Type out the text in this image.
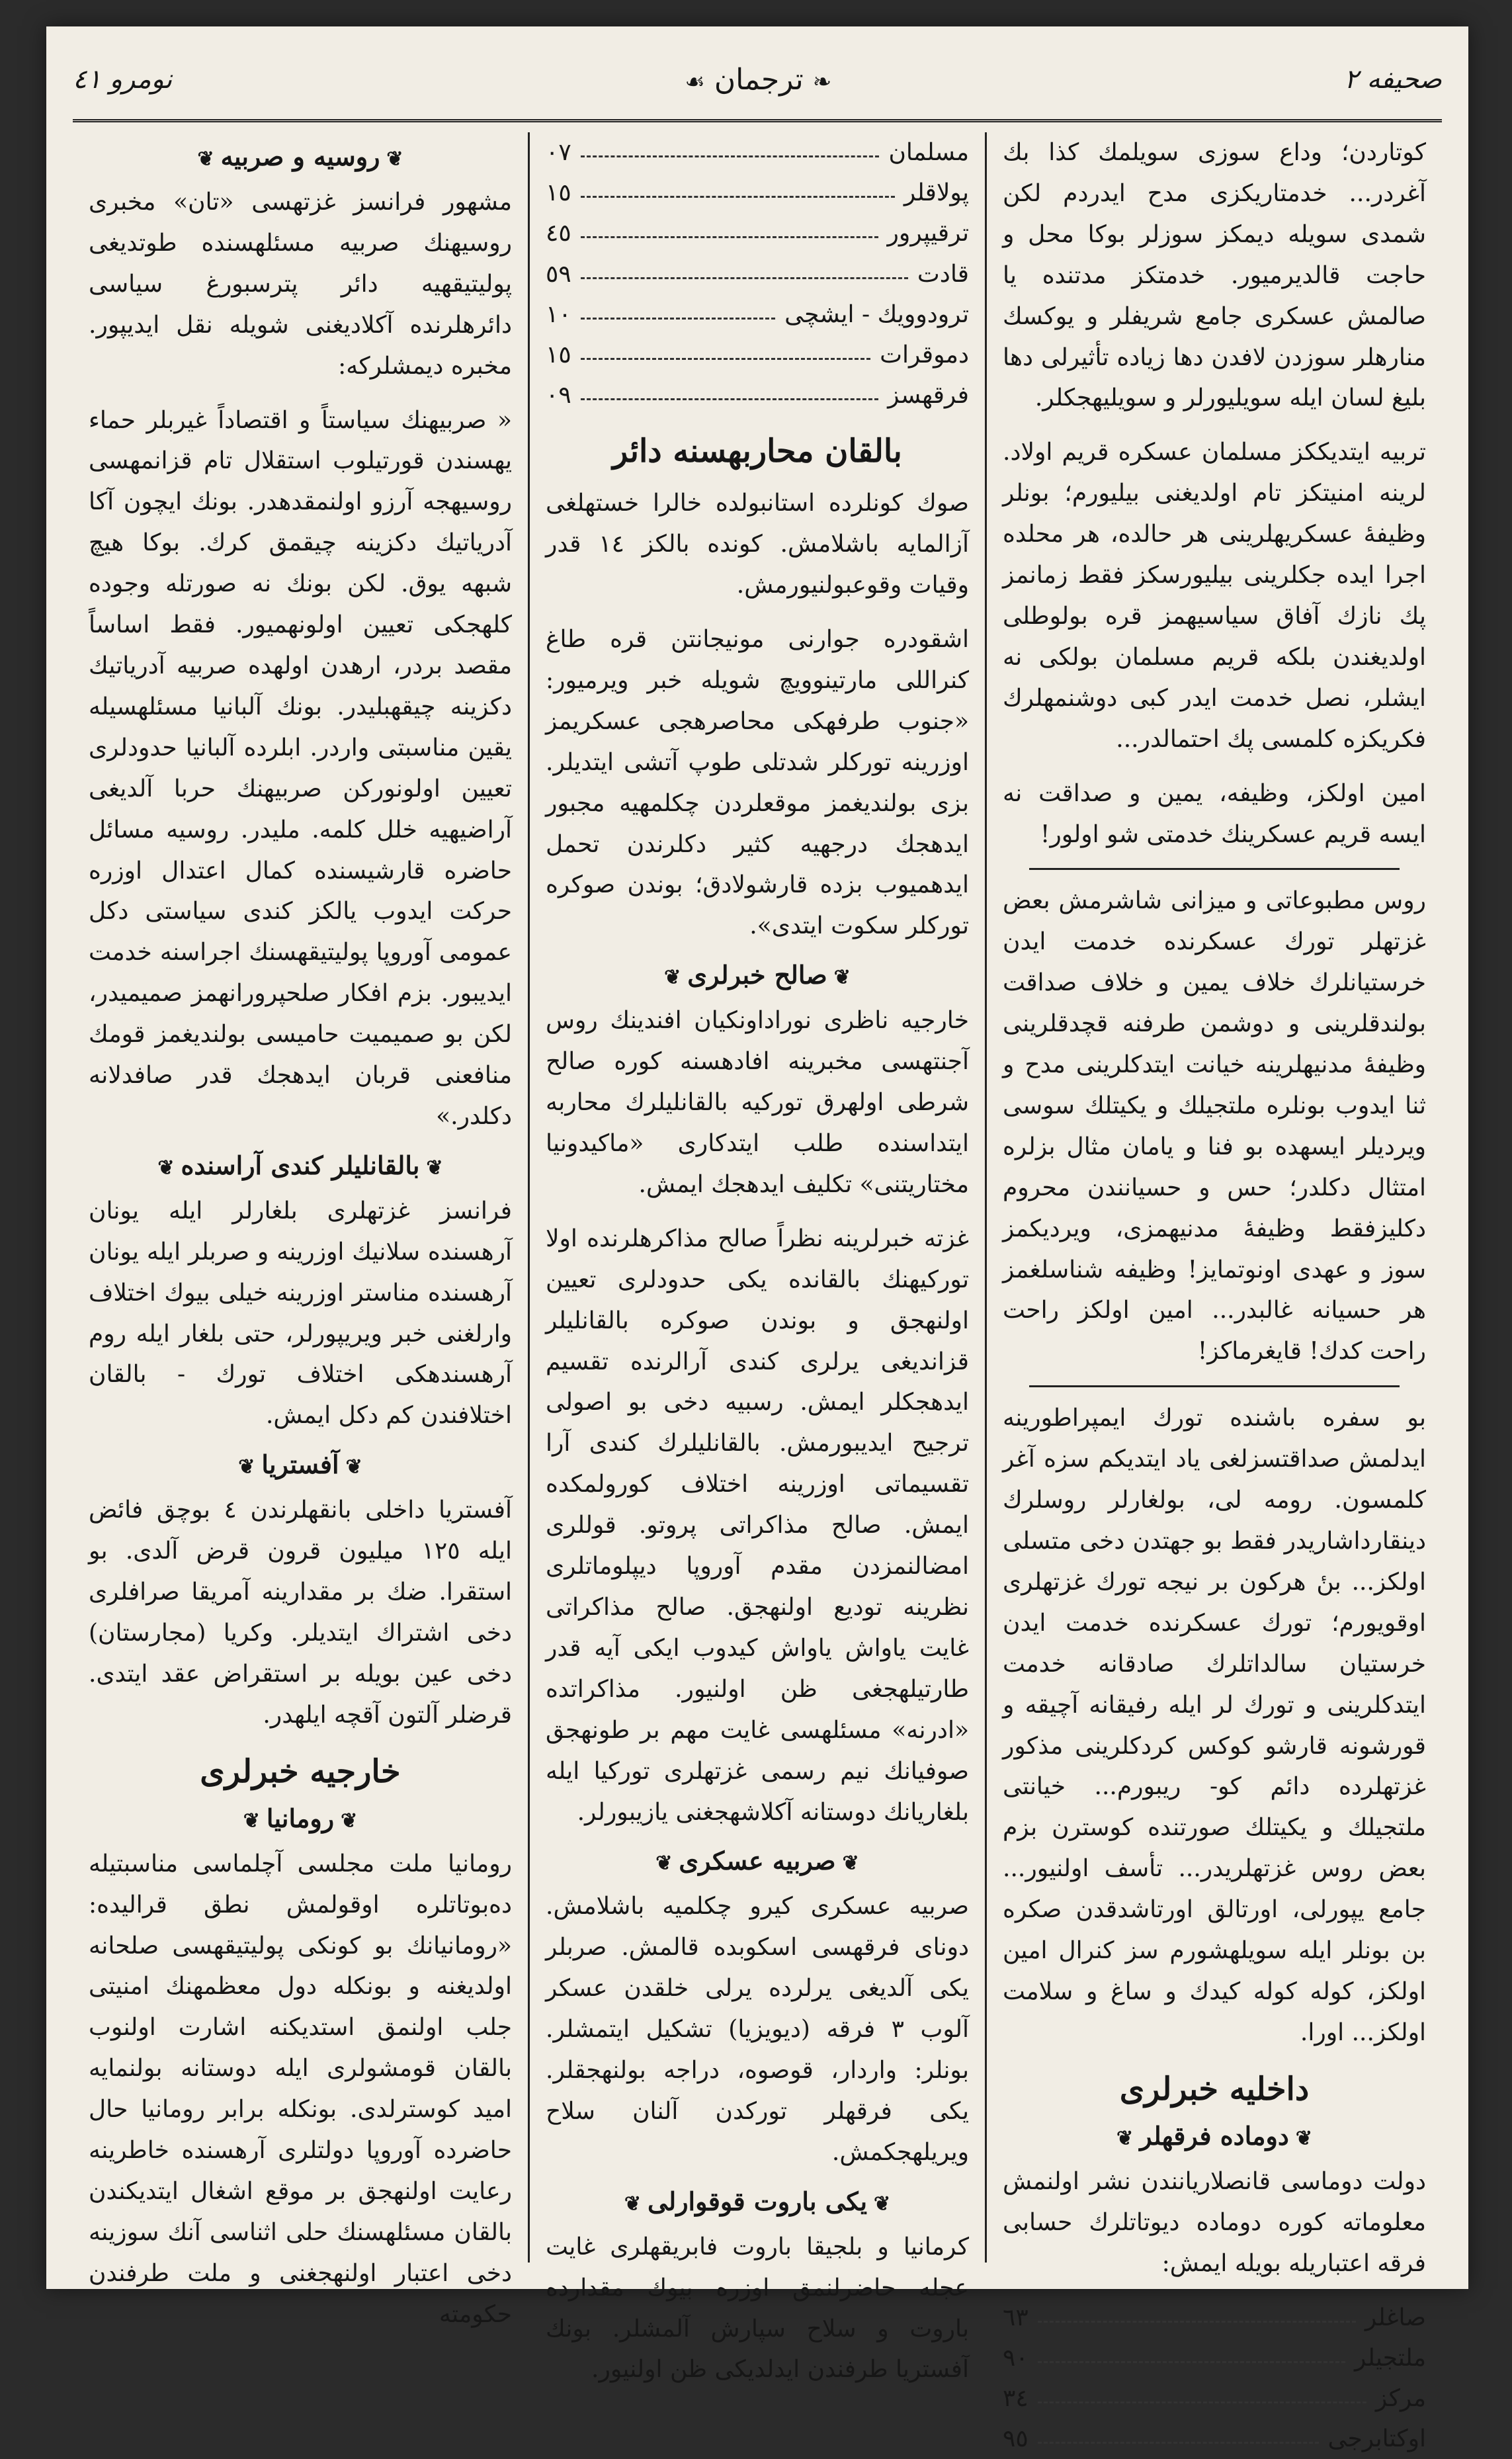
صحيفه ۲
❧ترجمان☙
نومرو ٤١

كوتاردن؛ وداع سوزی سويلمك كذا بك آغردر... خدمتاريكزی مدح ايدردم لكن شمدی سويله ديمكز سوزلر بوكا محل و حاجت قالديرميور. خدمتكز مدتنده يا صالمش عسكری جامع شريفلر و يوكسك منارهلر سوزدن لافدن دها زياده تأثيرلی دها بليغ لسان ايله سويليورلر و سويليهجكلر.

تربيه ايتديككز مسلمان عسكره قريم اولاد. لرينه امنيتكز تام اولديغنی بيليورم؛ بونلر وظيفهٔ عسكريهلرينی هر حالده، هر محلده اجرا ايده جكلرينی بيليورسكز فقط زمانمز پك نازك آفاق سياسيهمز قره بولوطلی اولديغندن بلكه قريم مسلمان بولكی نه ايشلر، نصل خدمت ايدر كبی دوشنمهلرك فكريكزه كلمسی پك احتمالدر...

امين اولكز، وظيفه، يمين و صداقت نه ايسه قريم عسكرينك خدمتی شو اولور!

روس مطبوعاتی و ميزانی شاشرمش بعض غزتهلر تورك عسكرنده خدمت ايدن خرستيانلرك خلاف يمين و خلاف صداقت بولندقلرينی و دوشمن طرفنه قچدقلرينی وظيفهٔ مدنيهلرينه خيانت ايتدكلرينی مدح و ثنا ايدوب بونلره ملتجيلك و يكيتلك سوسی ويرديلر ايسهده بو فنا و يامان مثال بزلره امتثال دكلدر؛ حس و حسيانندن محروم دكليزفقط وظيفهٔ مدنيهمزی، ويرديكمز سوز و عهدی اونوتمايز! وظيفه شناسلغمز هر حسيانه غالبدر... امين اولكز راحت راحت كدك! قايغرماكز!

بو سفره باشنده تورك ايمپراطورينه ايدلمش صداقتسزلغی ياد ايتديكم سزه آغر كلمسون. رومه لی، بولغارلر روسلرك دينقارداشاريدر فقط بو جهتدن دخی متسلی اولكز... بنٔ هركون بر نيجه تورك غزتهلری اوقويورم؛ تورك عسكرنده خدمت ايدن خرستيان سالداتلرك صادقانه خدمت ايتدكلرينی و تورك لر ايله رفيقانه آچيقه و قورشونه قارشو كوكس كردكلرينی مذكور غزتهلرده دائم كو- ريبورم... خيانتی ملتجيلك و يكيتلك صورتنده كوسترن بزم بعض روس غزتهلريدر... تأسف اولنيور... جامع يپورلی، اورتالق اورتاشدقدن صكره بن بونلر ايله سويلهشورم سز كنرال امين اولكز، كوله كوله كيدك و ساغ و سلامت اولكز... اورا.

داخليه خبرلری
❦دوماده فرقهلر❦

دولت دوماسی قانصلاريانندن نشر اولنمش معلوماته كوره دوماده ديوتاتلرك حسابی فرقه اعتباريله بويله ايمش:

صاغلر
٦٣
ملتجيلر
۹۰
مركز
٣٤
اوكتابرجی
۹٥
مسلمان
۰۷
پولاقلر
۱٥
ترقيپرور
٤٥
قادت
٥۹
ترودوويك - ايشچی
۱۰
دموقرات
۱٥
فرقهسز
۰۹
بالقان محاربهسنه دائر

صوك كونلرده استانبولده خالرا خستهلغی آزالمايه باشلامش. كونده بالكز ١٤ قدر وقيات وقوعبولنيورمش.

اشقودره جوارنی مونيجانتن قره طاغ كنراللی مارتينوويچ شويله خبر ويرميور: «جنوب طرفهكی محاصرهجی عسكريمز اوزرينه توركلر شدتلی طوپ آتشی ايتديلر. بزی بولنديغمز موقعلردن چكلمهيه مجبور ايدهجك درجهيه كثير دكلرندن تحمل ايدهميوب بزده قارشولادق؛ بوندن صوكره توركلر سكوت ايتدی».

❦صالح خبرلری❦

خارجيه ناظری نوراداونكيان افندينك روس آجنتهسی مخبرينه افادهسنه كوره صالح شرطی اولهرق تورکيه بالقانليلرك محاربه ايتداسنده طلب ايتدكاری «ماكيدونيا مختاريتنی» تكليف ايدهجك ايمش.

غزته خبرلرينه نظراً صالح مذاكرهلرنده اولا توركيهنك بالقانده يكی حدودلری تعيين اولنهجق و بوندن صوكره بالقانليلر قزانديغی يرلری كندی آرالرنده تقسيم ايدهجكلر ايمش. رسبيه دخی بو اصولی ترجيح ايديبورمش. بالقانليلرك كندی آرا تقسيماتی اوزرينه اختلاف كورولمكده ايمش. صالح مذاكراتی پروتو. قوللری امضالنمزدن مقدم آوروپا ديپلوماتلری نظرينه توديع اولنهجق. صالح مذاكراتی غايت ياواش ياواش كيدوب ايكی آيه قدر طارتيلهجغی ظن اولنيور. مذاكراتده «ادرنه» مسئلهسی غايت مهم بر طونهجق صوفيانك نيم رسمی غزتهلری توركيا ايله بلغاريانك دوستانه آكلاشهجغنی يازيبورلر.

❦صربيه عسكری❦

صربيه عسكری كيرو چكلميه باشلامش. دونای فرقهسی اسكوبده قالمش. صربلر يكی آلديغی يرلرده يرلی خلقدن عسكر آلوب ۳ فرقه (ديويزيا) تشكيل ايتمشلر. بونلر: واردار، قوصوه، دراجه بولنهجقلر. يكی فرقهلر تورکدن آلنان سلاح ويريلهجكمش.

❦يكی باروت قوقوارلی❦

كرمانيا و بلجيقا باروت فابريقهلری غايت عجله حاضرلنمق اوزره بيوك مقدارده باروت و سلاح سپارش آلمشلر. بونك آفستريا طرفندن ايدلديكی ظن اولنيور.

❦روسيه و صربيه❦

مشهور فرانسز غزتهسی «تان» مخبری روسيهنك صربيه مسئلهسنده طوتديغی پوليتيقهيه دائر پترسبورغ سياسی دائرهلرنده آكلاديغنی شويله نقل ايديپور. مخبره ديمشلركه:

« صربيهنك سياستاً و اقتصاداً غيربلر حماء يهسندن قورتيلوب استقلال تام قزانمهسی روسيهجه آرزو اولنمقدهدر. بونك ايچون آكا آدرياتيك دكزينه چيقمق كرك. بوكا هيچ شبهه يوق. لكن بونك نه صورتله وجوده كلهجكی تعيين اولونهميور. فقط اساساً مقصد بردر، ارهدن اولهده صربيه آدرياتيك دكزينه چيقهبليدر. بونك آلبانيا مسئلهسيله يقين مناسبتی واردر. ابلرده آلبانيا حدودلری تعيين اولونوركن صربيهنك حربا آلديغی آراضيهيه خلل كلمه. مليدر. روسيه مسائل حاضره قارشيسنده كمال اعتدال اوزره حركت ايدوب يالكز كندی سياستی دكل عمومی آوروپا پوليتيقهسنك اجراسنه خدمت ايديبور. بزم افكار صلحپرورانهمز صميميدر، لكن بو صميميت حاميسی بولنديغمز قومك منافعنی قربان ايدهجك قدر صافدلانه دكلدر.»

❦بالقانليلر كندی آراسنده❦

فرانسز غزتهلری بلغارلر ايله يونان آرهسنده سلانيك اوزرينه و صربلر ايله يونان آرهسنده مناستر اوزرينه خيلی بيوك اختلاف وارلغنی خبر ويريپورلر، حتی بلغار ايله روم آرهسندهكی اختلاف تورك - بالقان اختلافندن كم دكل ايمش.

❦آفستريا❦

آفستريا داخلی بانقهلرندن ٤ بوچق فائض ايله ۱۲٥ ميليون قرون قرض آلدی. بو استقرا. ضك بر مقدارينه آمريقا صرافلری دخی اشتراك ايتديلر. وكريا (مجارستان) دخی عين بويله بر استقراض عقد ايتدی. قرضلر آلتون آقچه ايلهدر.

خارجيه خبرلری
❦رومانيا❦

رومانيا ملت مجلسی آچلماسی مناسبتيله دەبوتاتلره اوقولمش نطق قراليدە: «رومانيانك بو كونكی پوليتيقهسی صلحانه اولديغنه و بونكله دول معظمهنك امنيتی جلب اولنمق استديكنه اشارت اولنوب بالقان قومشولری ايله دوستانه بولنمايه اميد كوسترلدی. بونكله برابر رومانيا حال حاضرده آوروپا دولتلری آرهسنده خاطرينه رعايت اولنهجق بر موقع اشغال ايتديكندن بالقان مسئلهسنك حلی اثناسی آنك سوزينه دخی اعتبار اولنهجغنی و ملت طرفندن حكومته
